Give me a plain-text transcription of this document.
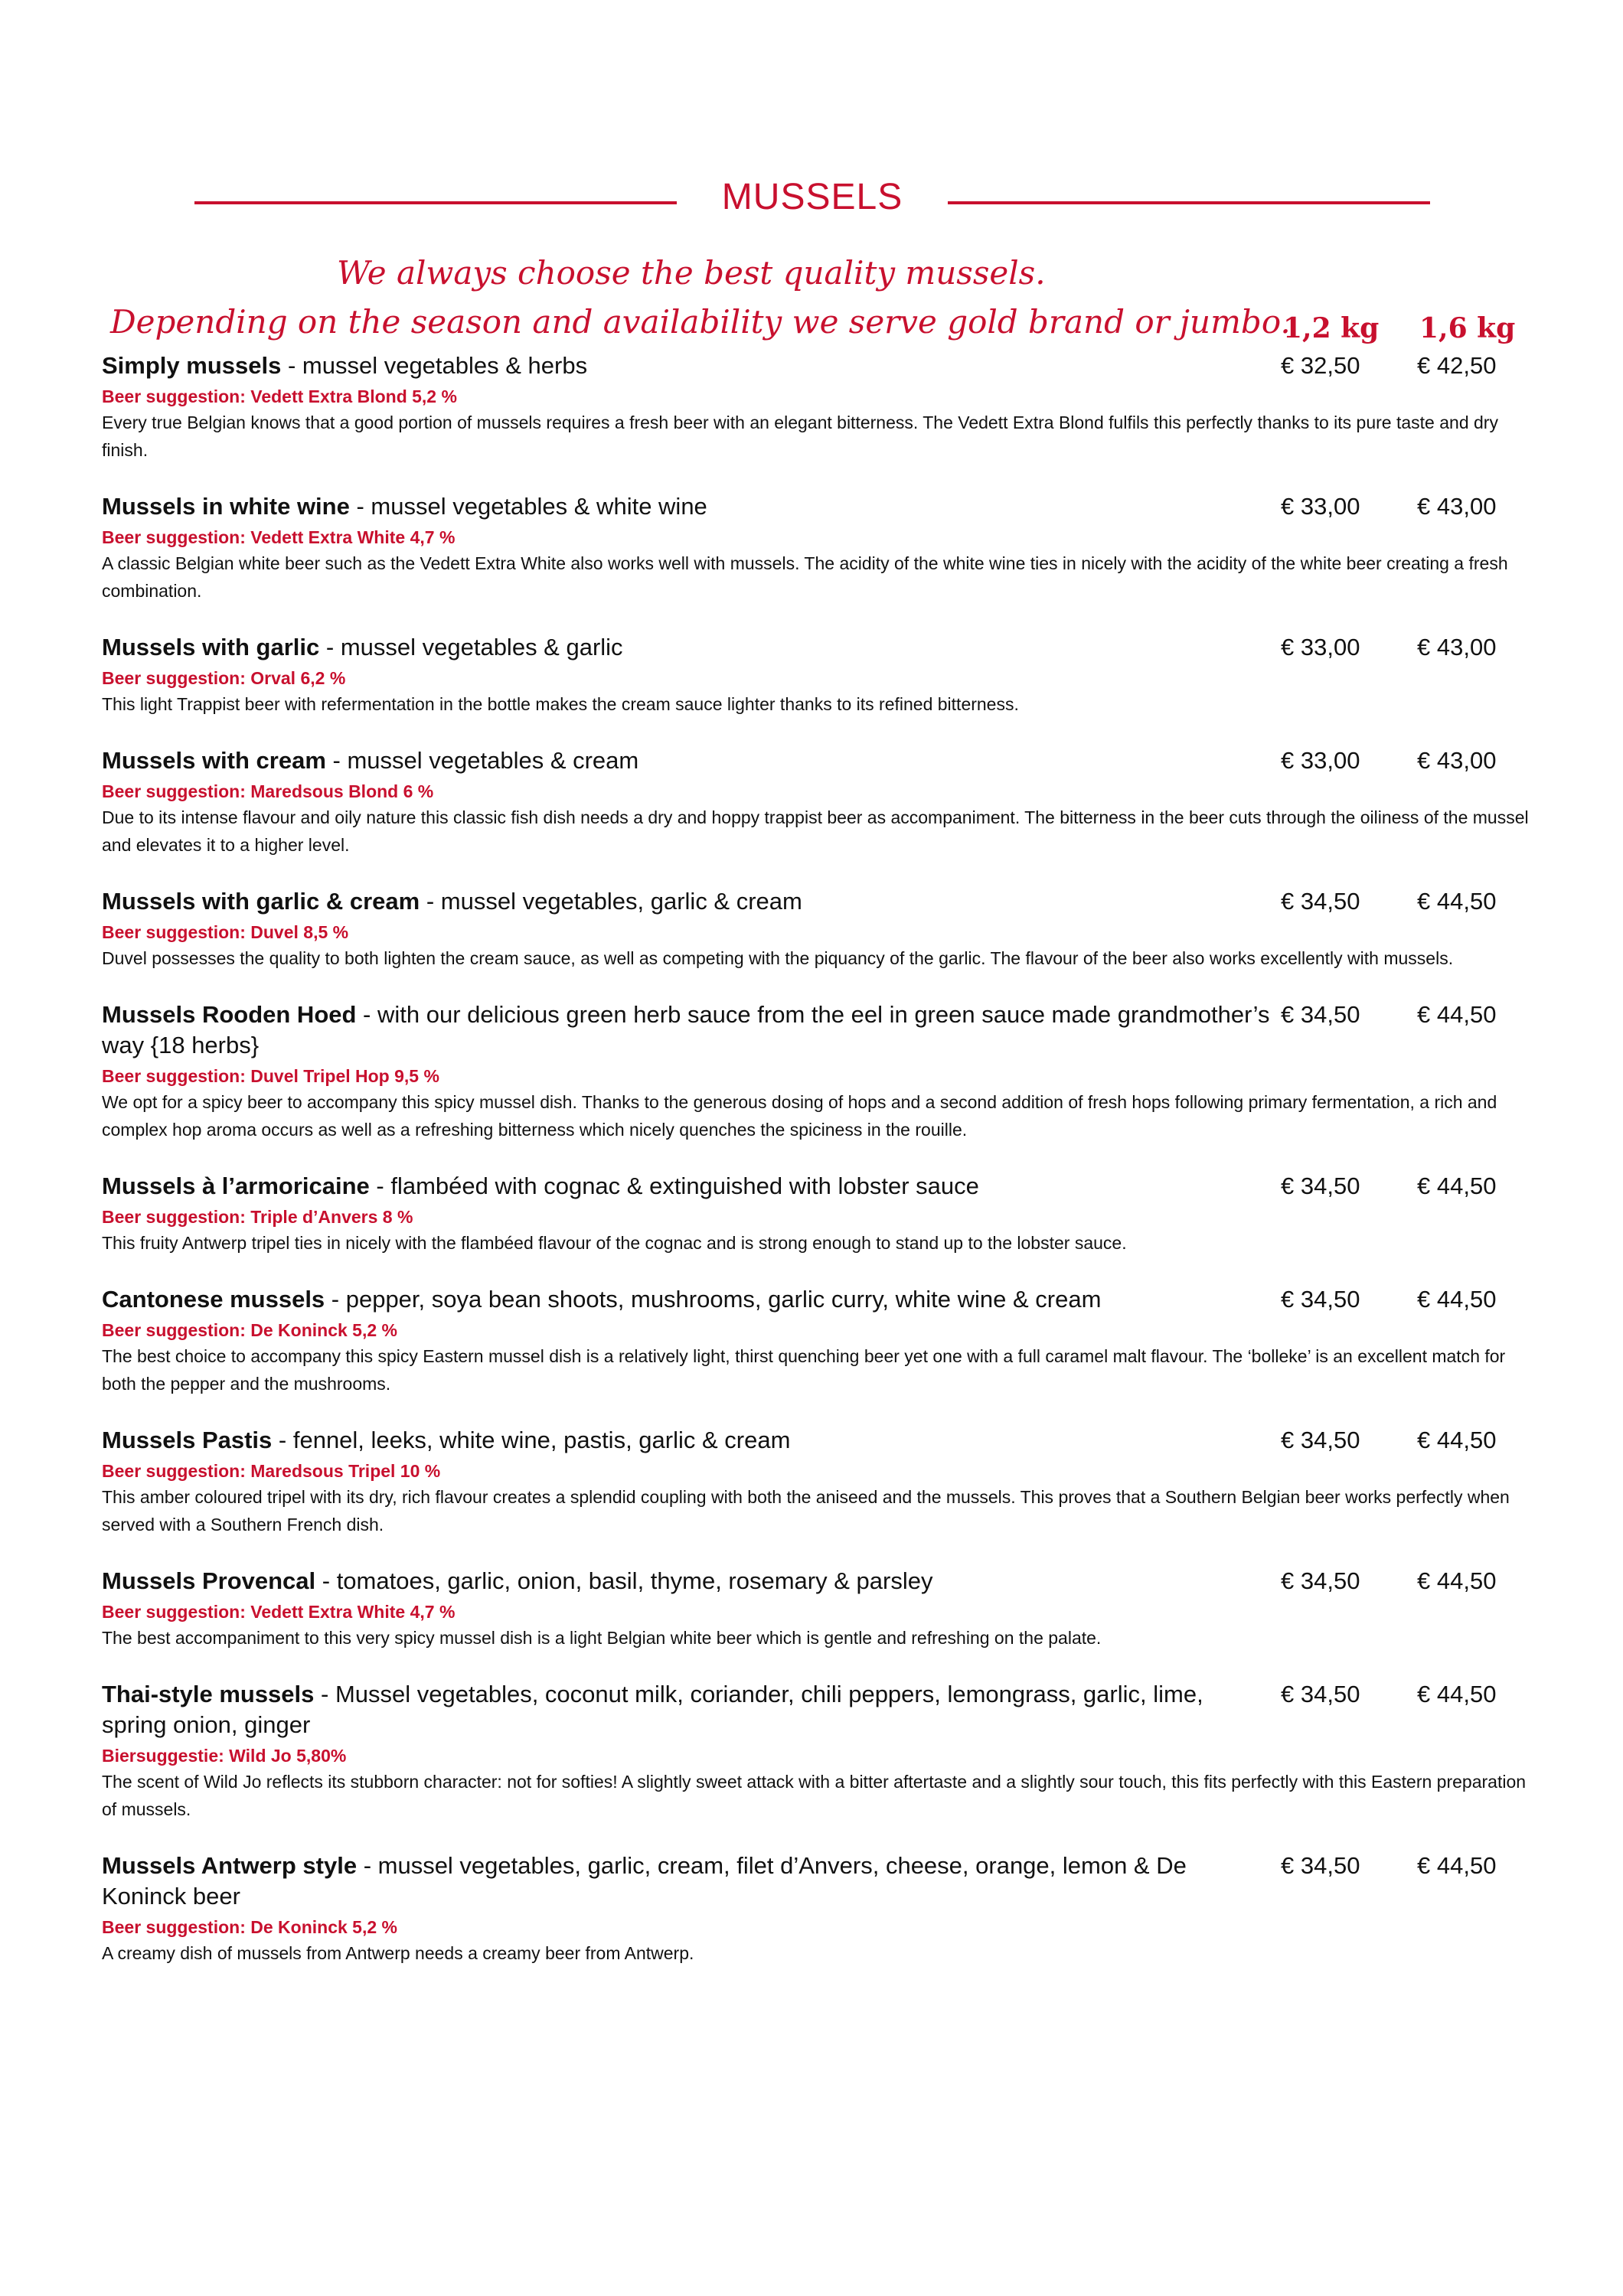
MUSSELS
We always choose the best quality mussels.
Depending on the season and availability we serve gold brand or jumbo.
1,2 kg 1,6 kg
Simply mussels - mussel vegetables & herbs	€ 32,50 € 42,50
Beer suggestion: Vedett Extra Blond 5,2 %
Every true Belgian knows that a good portion of mussels requires a fresh beer with an elegant bitterness. The Vedett Extra Blond fulfils this perfectly thanks to its pure taste and dry finish.
Mussels in white wine - mussel vegetables & white wine	€ 33,00 € 43,00
Beer suggestion: Vedett Extra White 4,7 %
A classic Belgian white beer such as the Vedett Extra White also works well with mussels. The acidity of the white wine ties in nicely with the acidity of the white beer creating a fresh combination.
Mussels with garlic - mussel vegetables & garlic	€ 33,00 € 43,00
Beer suggestion: Orval 6,2 %
This light Trappist beer with refermentation in the bottle makes the cream sauce lighter thanks to its refined bitterness.
Mussels with cream - mussel vegetables & cream	€ 33,00 € 43,00
Beer suggestion: Maredsous Blond 6 %
Due to its intense flavour and oily nature this classic fish dish needs a dry and hoppy trappist beer as accompaniment. The bitterness in the beer cuts through the oiliness of the mussel and elevates it to a higher level.
Mussels with garlic & cream - mussel vegetables, garlic & cream	€ 34,50 € 44,50
Beer suggestion: Duvel 8,5 %
Duvel possesses the quality to both lighten the cream sauce, as well as competing with the piquancy of the garlic. The flavour of the beer also works excellently with mussels.
Mussels Rooden Hoed - with our delicious green herb sauce from the eel in green sauce made grandmother’s way {18 herbs}
€ 34,50 € 44,50
Beer suggestion: Duvel Tripel Hop 9,5 %
We opt for a spicy beer to accompany this spicy mussel dish. Thanks to the generous dosing of hops and a second addition of fresh hops following primary fermentation, a rich and complex hop aroma occurs as well as a refreshing bitterness which nicely quenches the spiciness in the rouille.
Mussels à l’armoricaine - flambéed with cognac & extinguished with lobster sauce	€ 34,50 € 44,50
Beer suggestion: Triple d’Anvers 8 %
This fruity Antwerp tripel ties in nicely with the flambéed flavour of the cognac and is strong enough to stand up to the lobster sauce.
Cantonese mussels - pepper, soya bean shoots, mushrooms, garlic curry, white wine & cream	€ 34,50 € 44,50
Beer suggestion: De Koninck 5,2 %
The best choice to accompany this spicy Eastern mussel dish is a relatively light, thirst quenching beer yet one with a full caramel malt flavour. The ‘bolleke’ is an excellent match for both the pepper and the mushrooms.
Mussels Pastis - fennel, leeks, white wine, pastis, garlic & cream	€ 34,50 € 44,50
Beer suggestion: Maredsous Tripel 10 %
This amber coloured tripel with its dry, rich flavour creates a splendid coupling with both the aniseed and the mussels. This proves that a Southern Belgian beer works perfectly when served with a Southern French dish.
Mussels Provencal - tomatoes, garlic, onion, basil, thyme, rosemary & parsley	€ 34,50 € 44,50
Beer suggestion: Vedett Extra White 4,7 %
The best accompaniment to this very spicy mussel dish is a light Belgian white beer which is gentle and refreshing on the palate.
Thai-style mussels - Mussel vegetables, coconut milk, coriander, chili peppers, lemongrass, garlic, lime, spring onion, ginger
€ 34,50 € 44,50
Biersuggestie: Wild Jo 5,80%
The scent of Wild Jo reflects its stubborn character: not for softies! A slightly sweet attack with a bitter aftertaste and a slightly sour touch, this fits perfectly with this Eastern preparation of mussels.
Mussels Antwerp style - mussel vegetables, garlic, cream, filet d’Anvers, cheese, orange, lemon & De Koninck beer
€ 34,50 € 44,50
Beer suggestion: De Koninck 5,2 %
A creamy dish of mussels from Antwerp needs a creamy beer from Antwerp.
